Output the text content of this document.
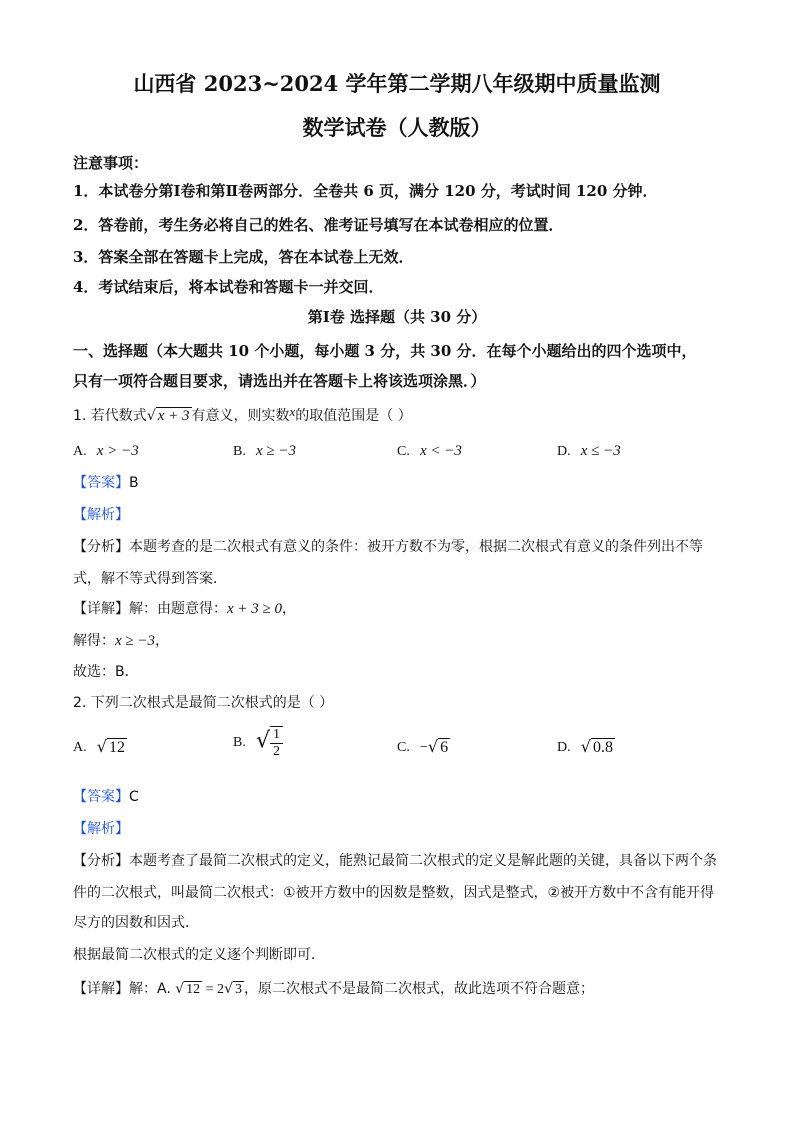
山西省 2023~2024 学年第二学期八年级期中质量监测
数学试卷（人教版）
注意事项：
1．本试卷分第Ⅰ卷和第Ⅱ卷两部分．全卷共 6 页，满分 120 分，考试时间 120 分钟．
2．答卷前，考生务必将自己的姓名、准考证号填写在本试卷相应的位置．
3．答案全部在答题卡上完成，答在本试卷上无效．
4．考试结束后，将本试卷和答题卡一并交回．
第Ⅰ卷 选择题（共 30 分）
一、选择题（本大题共 10 个小题，每小题 3 分，共 30 分．在每个小题给出的四个选项中，
只有一项符合题目要求，请选出并在答题卡上将该选项涂黑．）
1. 若代数式√ x + 3 有意义，则实数x的取值范围是（ ）
A. x > −3	B. x ≥ −3	C. x < −3	D. x ≤ −3
【答案】B
【解析】
【分析】本题考查的是二次根式有意义的条件：被开方数不为零，根据二次根式有意义的条件列出不等
式，解不等式得到答案．
【详解】解：由题意得：x + 3 ≥ 0，
解得：x ≥ −3，
故选：B．
2. 下列二次根式是最简二次根式的是（ ）
A. √ 12	B. √ $\frac{1}{2}$	C. −√ 6	D. √ 0.8
【答案】C
【解析】
【分析】本题考查了最简二次根式的定义，能熟记最简二次根式的定义是解此题的关键，具备以下两个条
件的二次根式，叫最简二次根式：①被开方数中的因数是整数，因式是整式，②被开方数中不含有能开得
尽方的因数和因式．
根据最简二次根式的定义逐个判断即可．
【详解】解：A. √ 12 = 2√ 3 ，原二次根式不是最简二次根式，故此选项不符合题意；
